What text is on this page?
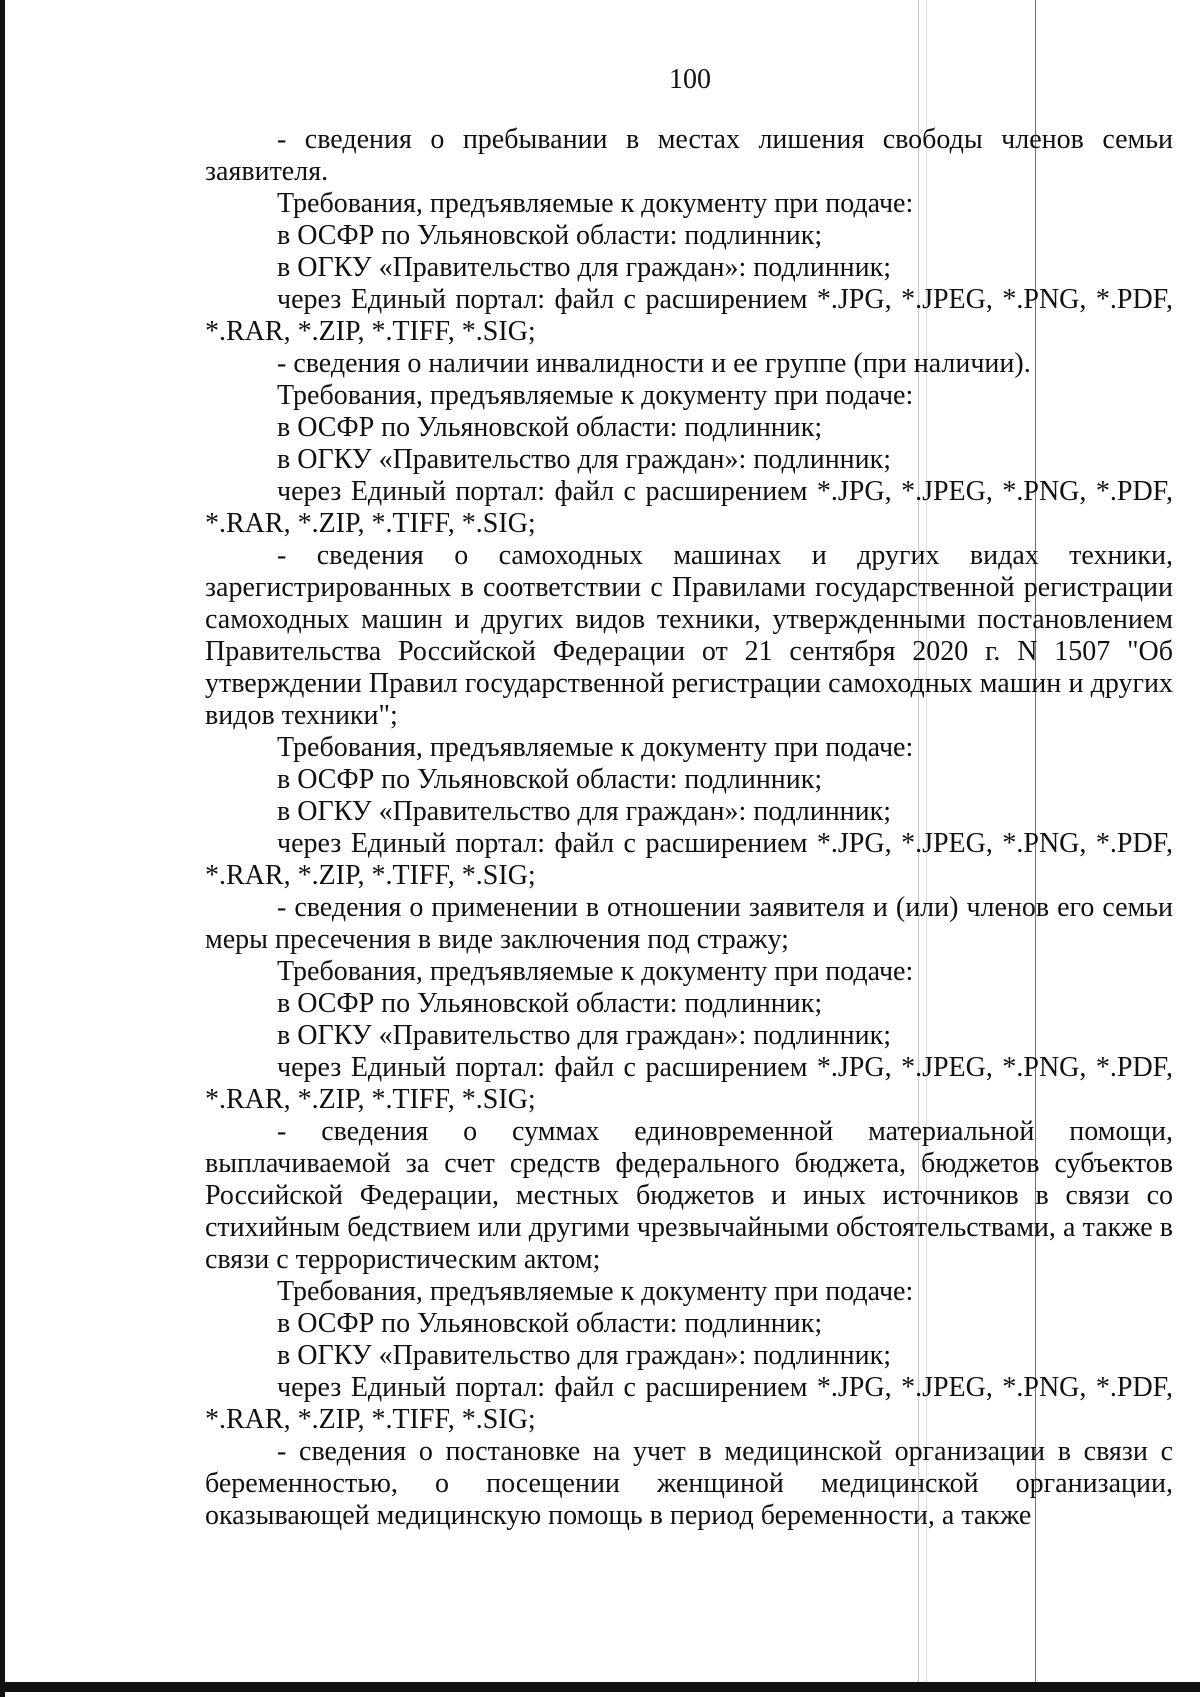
100

- сведения о пребывании в местах лишения свободы членов семьи заявителя.

Требования, предъявляемые к документу при подаче:

в ОСФР по Ульяновской области: подлинник;

в ОГКУ «Правительство для граждан»: подлинник;

через Единый портал: файл с расширением *.JPG, *.JPEG, *.PNG, *.PDF, *.RAR, *.ZIP, *.TIFF, *.SIG;

- сведения о наличии инвалидности и ее группе (при наличии).

Требования, предъявляемые к документу при подаче:

в ОСФР по Ульяновской области: подлинник;

в ОГКУ «Правительство для граждан»: подлинник;

через Единый портал: файл с расширением *.JPG, *.JPEG, *.PNG, *.PDF, *.RAR, *.ZIP, *.TIFF, *.SIG;

- сведения о самоходных машинах и других видах техники, зарегистрированных в соответствии с Правилами государственной регистрации самоходных машин и других видов техники, утвержденными постановлением Правительства Российской Федерации от 21 сентября 2020 г. N 1507 "Об утверждении Правил государственной регистрации самоходных машин и других видов техники";

Требования, предъявляемые к документу при подаче:

в ОСФР по Ульяновской области: подлинник;

в ОГКУ «Правительство для граждан»: подлинник;

через Единый портал: файл с расширением *.JPG, *.JPEG, *.PNG, *.PDF, *.RAR, *.ZIP, *.TIFF, *.SIG;

- сведения о применении в отношении заявителя и (или) членов его семьи меры пресечения в виде заключения под стражу;

Требования, предъявляемые к документу при подаче:

в ОСФР по Ульяновской области: подлинник;

в ОГКУ «Правительство для граждан»: подлинник;

через Единый портал: файл с расширением *.JPG, *.JPEG, *.PNG, *.PDF, *.RAR, *.ZIP, *.TIFF, *.SIG;

- сведения о суммах единовременной материальной помощи, выплачиваемой за счет средств федерального бюджета, бюджетов субъектов Российской Федерации, местных бюджетов и иных источников в связи со стихийным бедствием или другими чрезвычайными обстоятельствами, а также в связи с террористическим актом;

Требования, предъявляемые к документу при подаче:

в ОСФР по Ульяновской области: подлинник;

в ОГКУ «Правительство для граждан»: подлинник;

через Единый портал: файл с расширением *.JPG, *.JPEG, *.PNG, *.PDF, *.RAR, *.ZIP, *.TIFF, *.SIG;

- сведения о постановке на учет в медицинской организации в связи с беременностью, о посещении женщиной медицинской организации, оказывающей медицинскую помощь в период беременности, а также
